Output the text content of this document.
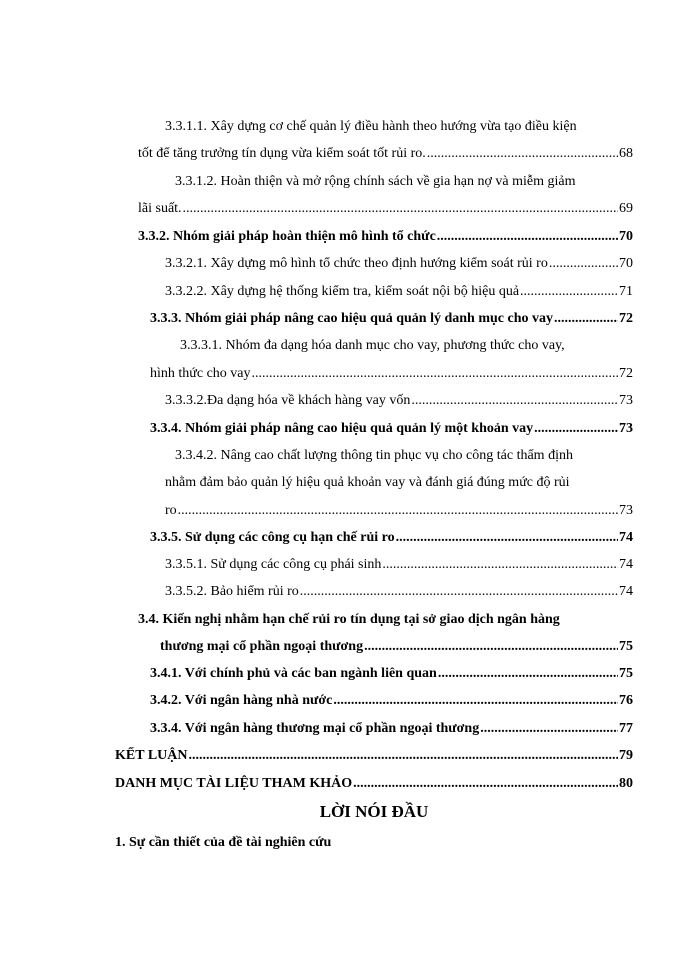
3.3.1.1. Xây dựng cơ chế quản lý điều hành theo hướng vừa tạo điều kiện
tốt để tăng trưởng tín dụng vừa kiểm soát tốt rủi ro. .....	68
3.3.1.2. Hoàn thiện và mở rộng chính sách về gia hạn nợ và miễm giảm
lãi suất. .....	69
3.3.2. Nhóm giải pháp hoàn thiện mô hình tổ chức .....	70
3.3.2.1. Xây dựng mô hình tổ chức theo định hướng kiểm soát rủi ro .....	70
3.3.2.2. Xây dựng hệ thống kiểm tra, kiểm soát nội bộ hiệu quả .....	71
3.3.3. Nhóm giải pháp nâng cao hiệu quả quản lý danh mục cho vay .....	72
3.3.3.1. Nhóm đa dạng hóa danh mục cho vay, phương thức cho vay,
hình thức cho vay .....	72
3.3.3.2.Đa dạng hóa về khách hàng vay vốn .....	73
3.3.4. Nhóm giải pháp nâng cao hiệu quả quản lý một khoản vay .....	73
3.3.4.2. Nâng cao chất lượng thông tin phục vụ cho công tác thẩm định
nhằm đảm bảo quản lý hiệu quả khoản vay và đánh giá đúng mức độ rủi
ro .....	73
3.3.5. Sử dụng các công cụ hạn chế rủi ro .....	74
3.3.5.1. Sử dụng các công cụ phái sinh .....	74
3.3.5.2. Bảo hiểm rủi ro .....	74
3.4. Kiến nghị nhằm hạn chế rủi ro tín dụng tại sở giao dịch ngân hàng
thương mại cổ phần ngoại thương .....	75
3.4.1. Với chính phủ và các ban ngành liên quan .....	75
3.4.2. Với ngân hàng nhà nước .....	76
3.3.4. Với ngân hàng thương mại cổ phần ngoại thương .....	77
KẾT LUẬN .....	79
DANH MỤC TÀI LIỆU THAM KHẢO .....	80
LỜI NÓI ĐẦU
1. Sự cần thiết của đề tài nghiên cứu
